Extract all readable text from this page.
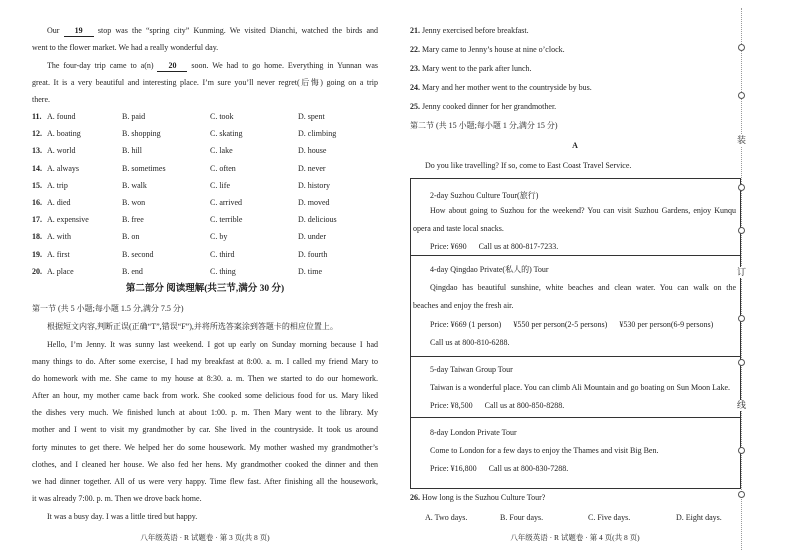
Our 19 stop was the “spring city” Kunming. We visited Dianchi, watched the birds and
went to the flower market. We had a really wonderful day.
The four-day trip came to a(n) 20 soon. We had to go home. Everything in Yunnan was
great. It is a very beautiful and interesting place. I’m sure you’ll never regret(后悔) going on a trip
there.
11. A. found	B. paid	C. took	D. spent
12. A. boating	B. shopping	C. skating	D. climbing
13. A. world	B. hill	C. lake	D. house
14. A. always	B. sometimes	C. often	D. never
15. A. trip	B. walk	C. life	D. history
16. A. died	B. won	C. arrived	D. moved
17. A. expensive	B. free	C. terrible	D. delicious
18. A. with	B. on	C. by	D. under
19. A. first	B. second	C. third	D. fourth
20. A. place	B. end	C. thing	D. time
第二部分 阅读理解(共三节,满分 30 分)
第一节 (共 5 小题;每小题 1.5 分,满分 7.5 分)
根据短文内容,判断正误(正确“T”,错误“F”),并将所选答案涂到答题卡的相应位置上。
Hello, I’m Jenny. It was sunny last weekend. I got up early on Sunday morning because I had
many things to do. After some exercise, I had my breakfast at 8:00. a. m. I called my friend Mary to
do homework with me. She came to my house at 8:30. a. m. Then we started to do our homework.
After an hour, my mother came back from work. She cooked some delicious food for us. Mary liked
the dishes very much. We finished lunch at about 1:00. p. m. Then Mary went to the library. My
mother and I went to visit my grandmother by car. She lived in the countryside. It took us around
forty minutes to get there. We helped her do some housework. My mother washed my grandmother’s
clothes, and I cleaned her house. We also fed her hens. My grandmother cooked the dinner and then
we had dinner together. All of us were very happy. Time flew fast. After finishing all the housework,
it was already 7:00. p. m. Then we drove back home.
It was a busy day. I was a little tired but happy.
八年级英语 · R 试题卷 · 第 3 页(共 8 页)
21. Jenny exercised before breakfast.
22. Mary came to Jenny’s house at nine o’clock.
23. Mary went to the park after lunch.
24. Mary and her mother went to the countryside by bus.
25. Jenny cooked dinner for her grandmother.
第二节 (共 15 小题;每小题 1 分,满分 15 分)
A
Do you like travelling? If so, come to East Coast Travel Service.
2-day Suzhou Culture Tour(旅行)
How about going to Suzhou for the weekend? You can visit Suzhou Gardens, enjoy Kunqu
opera and taste local snacks.
Price: ¥690 Call us at 800-817-7233.
4-day Qingdao Private(私人的) Tour
Qingdao has beautiful sunshine, white beaches and clean water. You can walk on the
beaches and enjoy the fresh air.
Price: ¥669 (1 person) ¥550 per person(2-5 persons) ¥530 per person(6-9 persons)
Call us at 800-810-6288.
5-day Taiwan Group Tour
Taiwan is a wonderful place. You can climb Ali Mountain and go boating on Sun Moon Lake.
Price: ¥8,500 Call us at 800-850-8288.
8-day London Private Tour
Come to London for a few days to enjoy the Thames and visit Big Ben.
Price: ¥16,800 Call us at 800-830-7288.
26. How long is the Suzhou Culture Tour?
A. Two days.	B. Four days.	C. Five days.	D. Eight days.
八年级英语 · R 试题卷 · 第 4 页(共 8 页)
装
订
线
